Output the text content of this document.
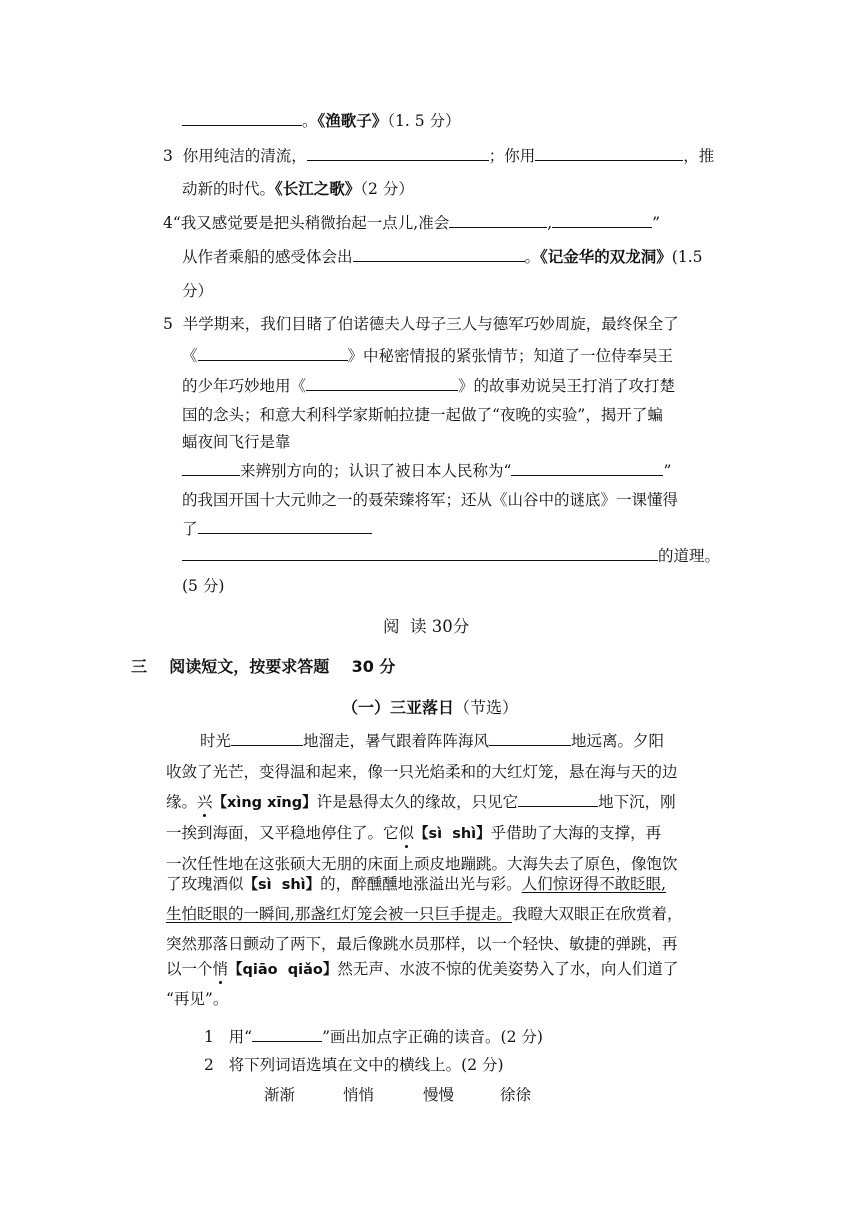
。《渔歌子》（1. 5 分）
3 你用纯洁的清流，	；你用	，推
动新的时代。《长江之歌》（2 分）
4“我又感觉要是把头稍微抬起一点儿,准会	,	”
从作者乘船的感受体会出	。《记金华的双龙洞》(1.5
分）
5 半学期来，我们目睹了伯诺德夫人母子三人与德军巧妙周旋，最终保全了
《	》中秘密情报的紧张情节；知道了一位侍奉吴王
的少年巧妙地用《	》的故事劝说吴王打消了攻打楚
国的念头；和意大利科学家斯帕拉捷一起做了“夜晚的实验”，揭开了蝙
蝠夜间飞行是靠
来辨别方向的；认识了被日本人民称为“	”
的我国开国十大元帅之一的聂荣臻将军；还从《山谷中的谜底》一课懂得
了
的道理。
(5 分)
阅  读 30分
三 阅读短文，按要求答题 30 分
（一）三亚落日（节选）
时光	地溜走，暑气跟着阵阵海风	地远离。夕阳
收敛了光芒，变得温和起来，像一只光焰柔和的大红灯笼，悬在海与天的边
缘。兴【xìng xīng】许是悬得太久的缘故，只见它	地下沉，刚
一挨到海面，又平稳地停住了。它似【sì  shì】乎借助了大海的支撑，再
一次任性地在这张硕大无朋的床面上顽皮地蹦跳。大海失去了原色，像饱饮
了玫瑰酒似【sì  shì】的，醉醺醺地涨溢出光与彩。人们惊讶得不敢眨眼,
生怕眨眼的一瞬间,那盏红灯笼会被一只巨手提走。我瞪大双眼正在欣赏着，
突然那落日颤动了两下，最后像跳水员那样，以一个轻快、敏捷的弹跳，再
以一个悄【qiāo  qiǎo】然无声、水波不惊的优美姿势入了水，向人们道了
“再见”。
1 用“	”画出加点字正确的读音。(2 分)
2 将下列词语选填在文中的横线上。(2 分)
渐渐	悄悄	慢慢	徐徐
